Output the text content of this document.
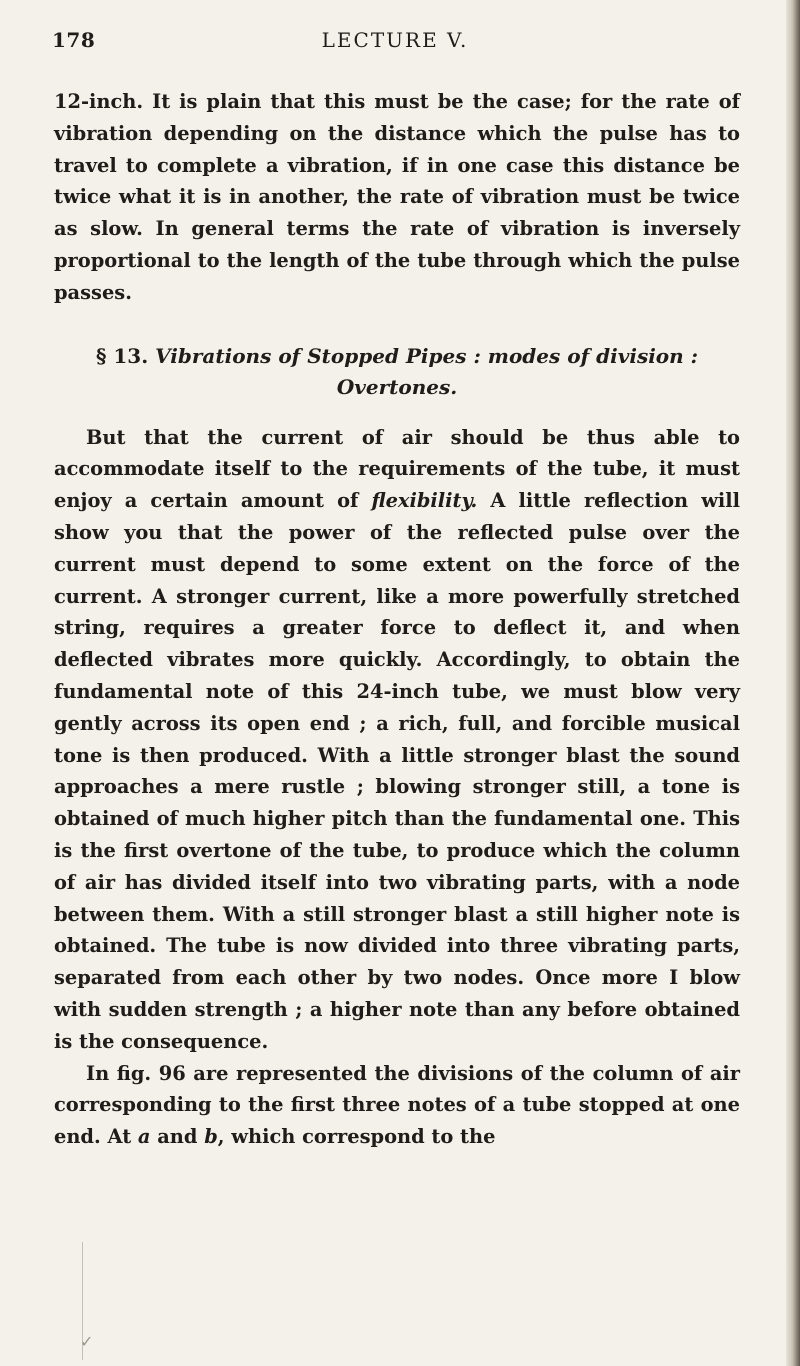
178	LECTURE V.

12-inch. It is plain that this must be the case; for the rate of vibration depending on the distance which the pulse has to travel to complete a vibration, if in one case this distance be twice what it is in another, the rate of vibration must be twice as slow. In general terms the rate of vibration is inversely proportional to the length of the tube through which the pulse passes.

§ 13. Vibrations of Stopped Pipes : modes of division : Overtones.

But that the current of air should be thus able to accommodate itself to the requirements of the tube, it must enjoy a certain amount of flexibility. A little reflection will show you that the power of the reflected pulse over the current must depend to some extent on the force of the current. A stronger current, like a more powerfully stretched string, requires a greater force to deflect it, and when deflected vibrates more quickly. Accordingly, to obtain the fundamental note of this 24-inch tube, we must blow very gently across its open end ; a rich, full, and forcible musical tone is then produced. With a little stronger blast the sound approaches a mere rustle ; blowing stronger still, a tone is obtained of much higher pitch than the fundamental one. This is the first overtone of the tube, to produce which the column of air has divided itself into two vibrating parts, with a node between them. With a still stronger blast a still higher note is obtained. The tube is now divided into three vibrating parts, separated from each other by two nodes. Once more I blow with sudden strength ; a higher note than any before obtained is the consequence.

In fig. 96 are represented the divisions of the column of air corresponding to the first three notes of a tube stopped at one end. At a and b, which correspond to the

✓
